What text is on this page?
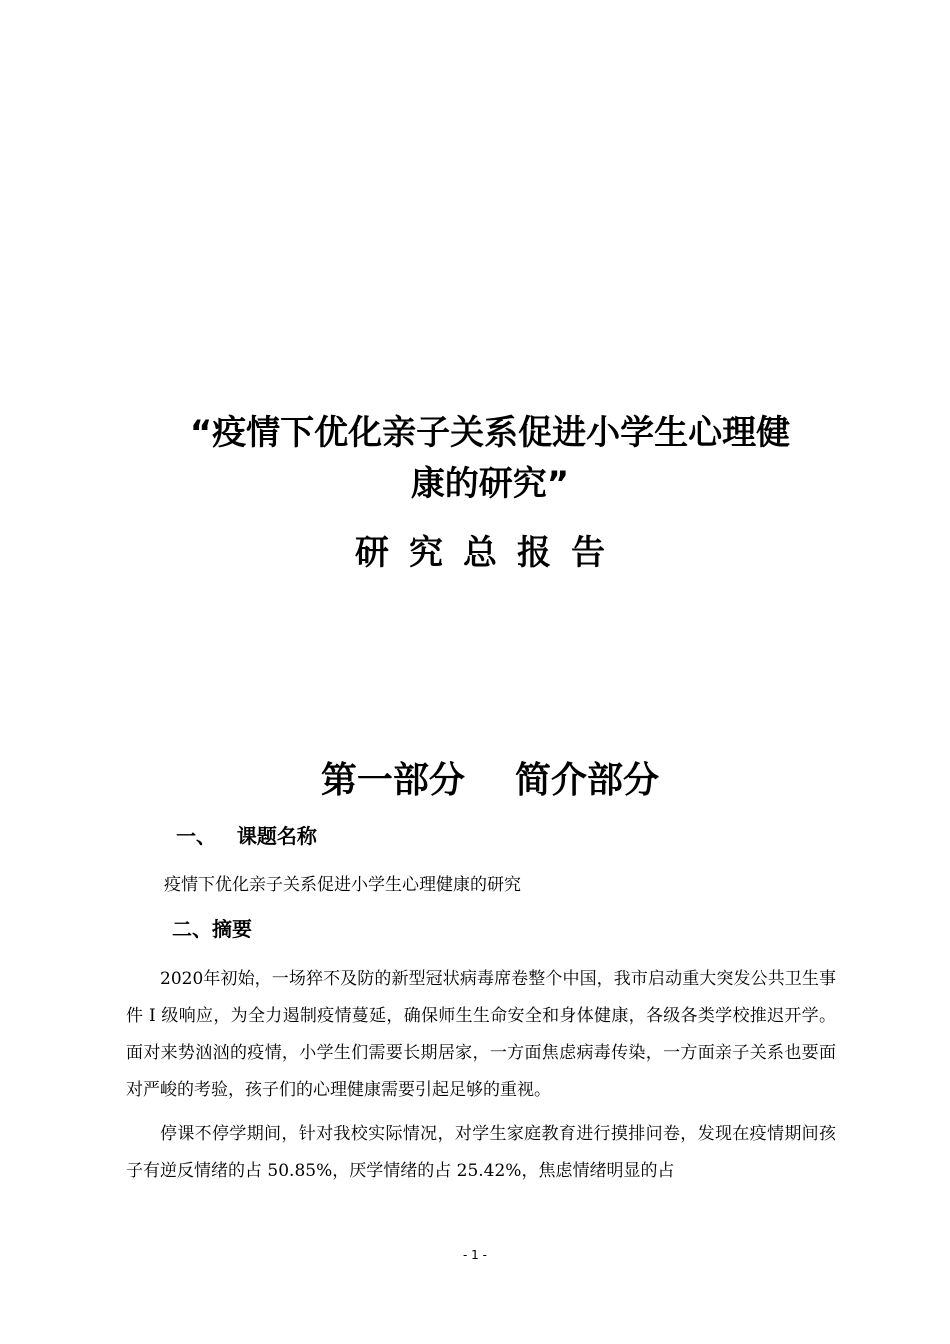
“疫情下优化亲子关系促进小学生心理健
康的研究”
研究总报告
第一部分    简介部分
一、   课题名称
疫情下优化亲子关系促进小学生心理健康的研究
二、摘要

2020年初始，一场猝不及防的新型冠状病毒席卷整个中国，我市启动重大突发公共卫生事件 I 级响应，为全力遏制疫情蔓延，确保师生生命安全和身体健康，各级各类学校推迟开学。面对来势汹汹的疫情，小学生们需要长期居家，一方面焦虑病毒传染，一方面亲子关系也要面对严峻的考验，孩子们的心理健康需要引起足够的重视。

停课不停学期间，针对我校实际情况，对学生家庭教育进行摸排问卷，发现在疫情期间孩子有逆反情绪的占 50.85%，厌学情绪的占 25.42%，焦虑情绪明显的占

- 1 -
